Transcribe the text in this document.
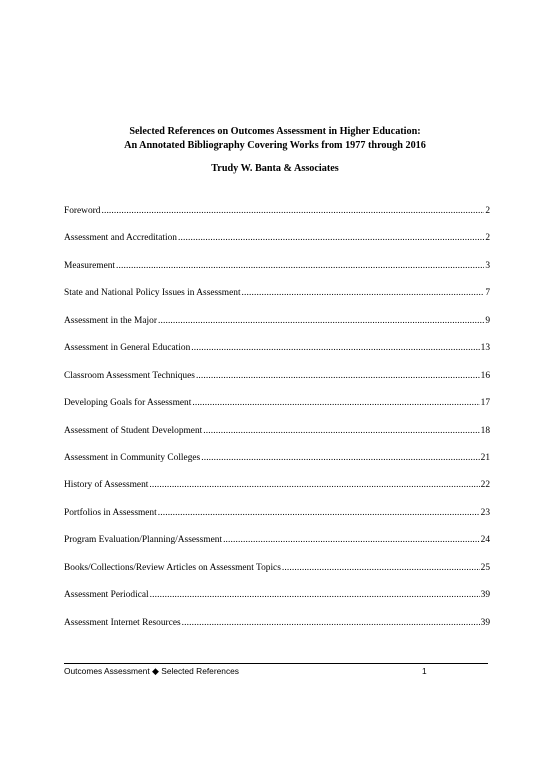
Selected References on Outcomes Assessment in Higher Education:
An Annotated Bibliography Covering Works from 1977 through 2016
Trudy W. Banta & Associates
Foreword .....	2
Assessment and Accreditation .....	2
Measurement .....	3
State and National Policy Issues in Assessment .....	7
Assessment in the Major .....	9
Assessment in General Education .....	13
Classroom Assessment Techniques .....	16
Developing Goals for Assessment .....	17
Assessment of Student Development .....	18
Assessment in Community Colleges .....	21
History of Assessment .....	22
Portfolios in Assessment .....	23
Program Evaluation/Planning/Assessment .....	24
Books/Collections/Review Articles on Assessment Topics .....	25
Assessment Periodical .....	39
Assessment Internet Resources .....	39
Outcomes Assessment ◆ Selected References	1
